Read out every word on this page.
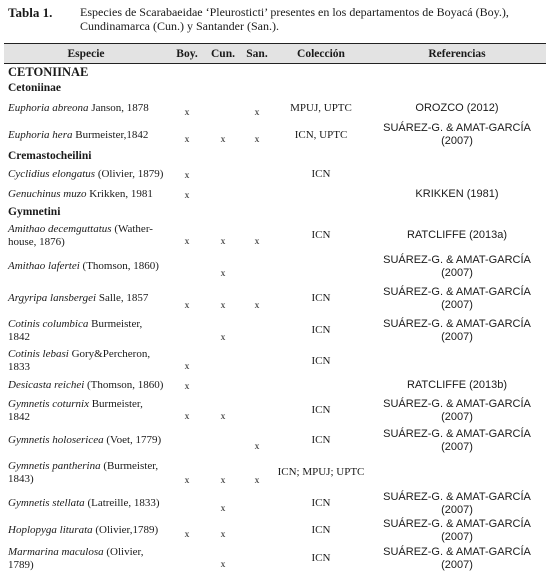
Tabla 1. Especies de Scarabaeidae ‘Pleurosticti’ presentes en los departamentos de Boyacá (Boy.), Cundinamarca (Cun.) y Santander (San.).
Especie	Boy.	Cun.	San.	Colección	Referencias
CETONIINAE					
Cetoniinae					
Euphoria abreona Janson, 1878	x		x	MPUJ, UPTC	OROZCO (2012)
Euphoria hera Burmeister,1842	x	x	x	ICN, UPTC	SUÁREZ-G. & AMAT-GARCÍA (2007)
Cremastocheilini					
Cyclidius elongatus (Olivier, 1879)	x			ICN	
Genuchinus muzo Krikken, 1981	x				KRIKKEN (1981)
Gymnetini					
Amithao decemguttatus (Wather-house, 1876)	x	x	x	ICN	RATCLIFFE (2013a)
Amithao lafertei (Thomson, 1860)		x			SUÁREZ-G. & AMAT-GARCÍA (2007)
Argyripa lansbergei Salle, 1857	x	x	x	ICN	SUÁREZ-G. & AMAT-GARCÍA (2007)
Cotinis columbica Burmeister, 1842		x		ICN	SUÁREZ-G. & AMAT-GARCÍA (2007)
Cotinis lebasi Gory&Percheron, 1833	x			ICN	
Desicasta reichei (Thomson, 1860)	x				RATCLIFFE (2013b)
Gymnetis coturnix Burmeister, 1842	x	x		ICN	SUÁREZ-G. & AMAT-GARCÍA (2007)
Gymnetis holosericea (Voet, 1779)			x	ICN	SUÁREZ-G. & AMAT-GARCÍA (2007)
Gymnetis pantherina (Burmeister, 1843)	x	x	x	ICN; MPUJ; UPTC	
Gymnetis stellata (Latreille, 1833)		x		ICN	SUÁREZ-G. & AMAT-GARCÍA (2007)
Hoplopyga liturata (Olivier,1789)	x	x		ICN	SUÁREZ-G. & AMAT-GARCÍA (2007)
Marmarina maculosa (Olivier, 1789)		x		ICN	SUÁREZ-G. & AMAT-GARCÍA (2007)
